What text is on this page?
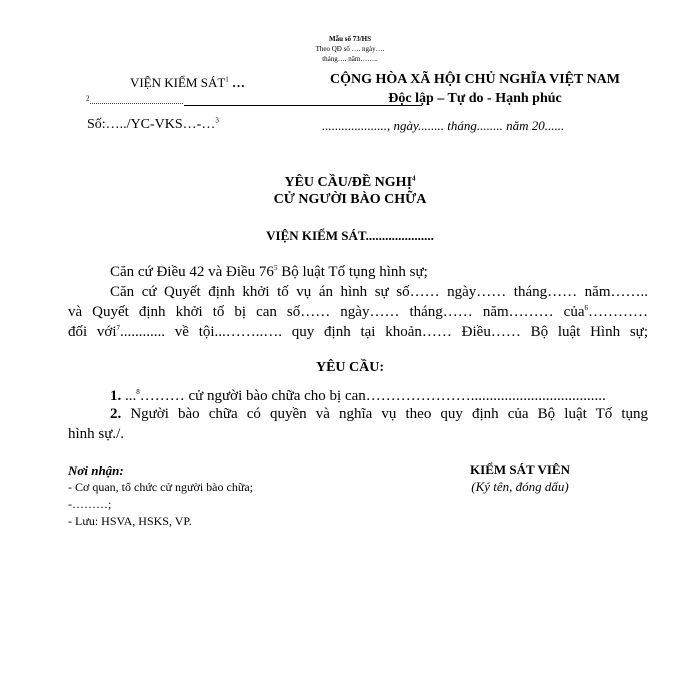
Mẫu số 73/HS
Theo QĐ số …. ngày….
tháng…. năm……..
VIỆN KIỂM SÁT$^1$ …
$^2$...............................................
Số:…../YC-VKS…-…$^3$
CỘNG HÒA XÃ HỘI CHỦ NGHĨA VIỆT NAM
Độc lập – Tự do - Hạnh phúc
...................., ngày........ tháng........ năm 20......
YÊU CẦU/ĐỀ NGHỊ$^4$
CỬ NGƯỜI BÀO CHỮA
VIỆN KIỂM SÁT.....................
Căn cứ Điều 42 và Điều $76^5$ Bộ luật Tố tụng hình sự;
Căn cứ Quyết định khởi tố vụ án hình sự số…… ngày…… tháng…… năm……..
và Quyết định khởi tố bị can số…… ngày…… tháng…… năm……… của$^6$…………
đối với$^7$............ về tội...……..…. quy định tại khoản…… Điều…… Bộ luật Hình sự;
YÊU CẦU:
1. ...$^8$……… cử người bào chữa cho bị can…………………....................................
2. Người bào chữa có quyền và nghĩa vụ theo quy định của Bộ luật Tố tụng
hình sự./.
Nơi nhận:
- Cơ quan, tổ chức cử người bào chữa;
-………;
- Lưu: HSVA, HSKS, VP.
KIỂM SÁT VIÊN
(Ký tên, đóng dấu)
